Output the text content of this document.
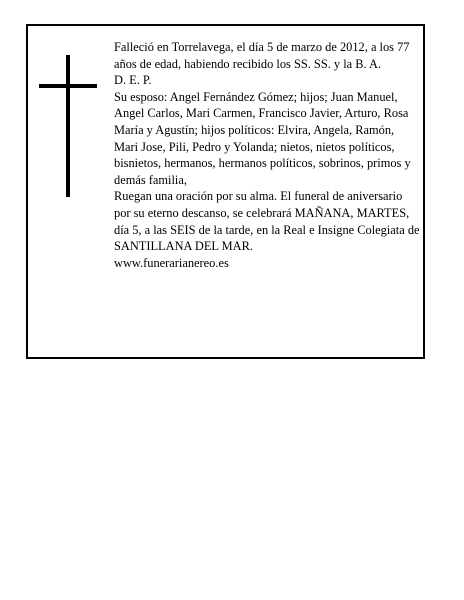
Falleció en Torrelavega, el día 5 de marzo de 2012, a los 77 años de edad, habiendo recibido los SS. SS. y la B. A.

D. E. P.

Su esposo: Angel Fernández Gómez; hijos; Juan Manuel, Angel Carlos, Mari Carmen, Francisco Javier, Arturo, Rosa María y Agustín; hijos políticos: Elvira, Angela, Ramón, Mari Jose, Pili, Pedro y Yolanda; nietos, nietos políticos, bisnietos, hermanos, hermanos políticos, sobrinos, primos y demás familia,

Ruegan una oración por su alma. El funeral de aniversario por su eterno descanso, se celebrará MAÑANA, MARTES, día 5, a las SEIS de la tarde, en la Real e Insigne Colegiata de SANTILLANA DEL MAR.

www.funerarianereo.es
